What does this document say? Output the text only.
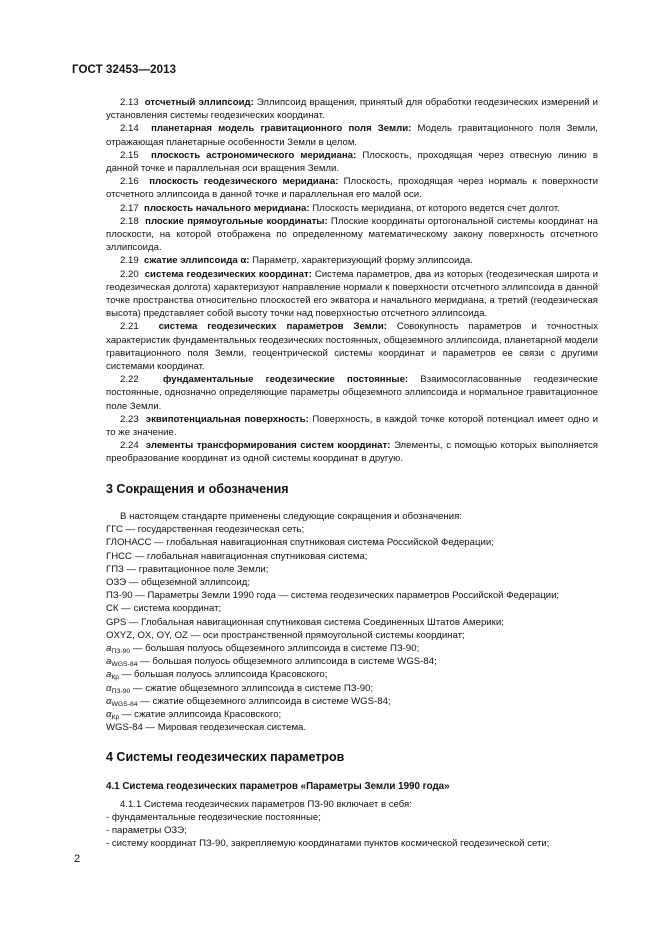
ГОСТ 32453—2013

2.13 отсчетный эллипсоид: Эллипсоид вращения, принятый для обработки геодезических измерений и установления системы геодезических координат.

2.14 планетарная модель гравитационного поля Земли: Модель гравитационного поля Земли, отражающая планетарные особенности Земли в целом.

2.15 плоскость астрономического меридиана: Плоскость, проходящая через отвесную линию в данной точке и параллельная оси вращения Земли.

2.16 плоскость геодезического меридиана: Плоскость, проходящая через нормаль к поверхности отсчетного эллипсоида в данной точке и параллельная его малой оси.

2.17 плоскость начального меридиана: Плоскость меридиана, от которого ведется счет долгот.

2.18 плоские прямоугольные координаты: Плоские координаты ортогональной системы координат на плоскости, на которой отображена по определенному математическому закону поверхность отсчетного эллипсоида.

2.19 сжатие эллипсоида α: Параметр, характеризующий форму эллипсоида.

2.20 система геодезических координат: Система параметров, два из которых (геодезическая широта и геодезическая долгота) характеризуют направление нормали к поверхности отсчетного эллипсоида в данной точке пространства относительно плоскостей его экватора и начального меридиана, а третий (геодезическая высота) представляет собой высоту точки над поверхностью отсчетного эллипсоида.

2.21 система геодезических параметров Земли: Совокупность параметров и точностных характеристик фундаментальных геодезических постоянных, общеземного эллипсоида, планетарной модели гравитационного поля Земли, геоцентрической системы координат и параметров ее связи с другими системами координат.

2.22	фундаментальные геодезические постоянные: Взаимосогласованные геодезические постоянные, однозначно определяющие параметры общеземного эллипсоида и нормальное гравитационное поле Земли.

2.23 эквипотенциальная поверхность: Поверхность, в каждой точке которой потенциал имеет одно и то же значение.

2.24 элементы трансформирования систем координат: Элементы, с помощью которых выполняется преобразование координат из одной системы координат в другую.

3 Сокращения и обозначения

В настоящем стандарте применены следующие сокращения и обозначения:

ГГС — государственная геодезическая сеть;

ГЛОНАСС — глобальная навигационная спутниковая система Российской Федерации;

ГНСС — глобальная навигационная спутниковая система;

ГПЗ — гравитационное поле Земли;

ОЗЭ — общеземной эллипсоид;

ПЗ-90 — Параметры Земли 1990 года — система геодезических параметров Российской Федерации;

СК — система координат;

GPS — Глобальная навигационная спутниковая система Соединенных Штатов Америки;

OXYZ, OX, OY, OZ — оси пространственной прямоугольной системы координат;

$a_{ПЗ-90}$ — большая полуось общеземного эллипсоида в системе ПЗ-90;

$a_{WGS-84}$ — большая полуось общеземного эллипсоида в системе WGS-84;

$a_{Кр}$ — большая полуось эллипсоида Красовского;

$\alpha_{ПЗ-90}$ — сжатие общеземного эллипсоида в системе ПЗ-90;

$\alpha_{WGS-84}$ — сжатие общеземного эллипсоида в системе WGS-84;

$\alpha_{Кр}$ — сжатие эллипсоида Красовского;

WGS-84 — Мировая геодезическая система.

4 Системы геодезических параметров

4.1 Система геодезических параметров «Параметры Земли 1990 года»

4.1.1 Система геодезических параметров ПЗ-90 включает в себя:

- фундаментальные геодезические постоянные;

- параметры ОЗЭ;

- систему координат ПЗ-90, закрепляемую координатами пунктов космической геодезической сети;

2
